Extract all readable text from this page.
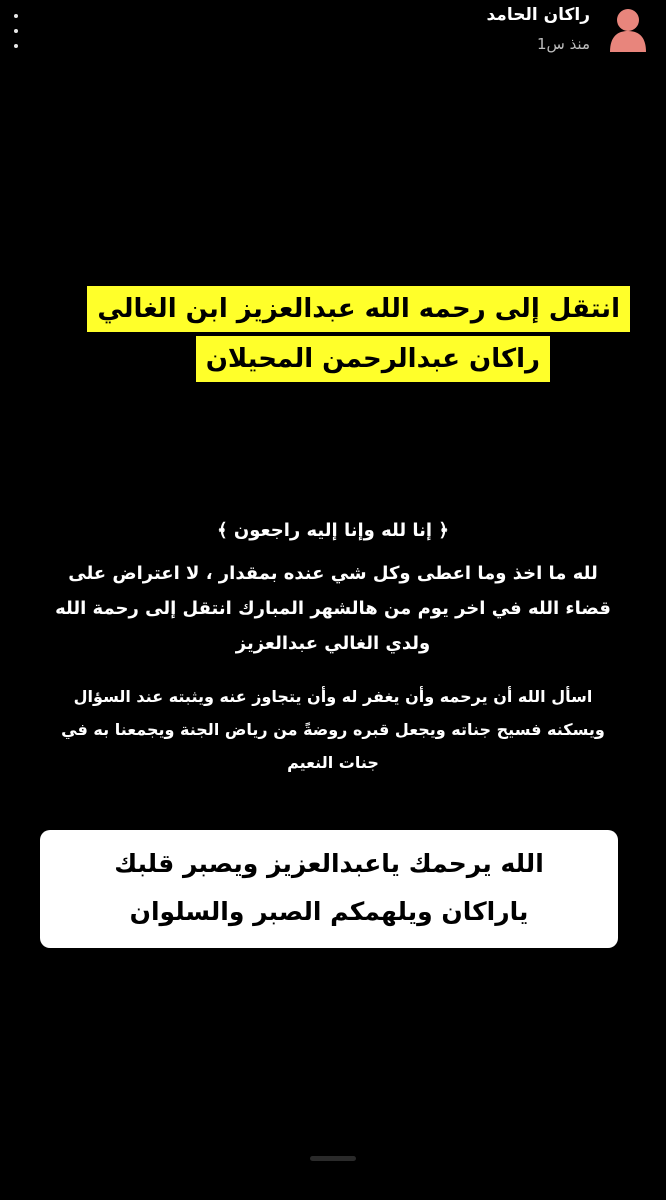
راكان الحامد
منذ س1
انتقل إلى رحمه الله عبدالعزيز ابن الغالي
راكان عبدالرحمن المحيلان
﴿ إنا لله وإنا إليه راجعون ﴾
لله ما اخذ وما اعطى وكل شي عنده بمقدار ، لا اعتراض على
قضاء الله في اخر يوم من هالشهر المبارك انتقل إلى رحمة الله
ولدي الغالي عبدالعزيز
اسأل الله أن يرحمه وأن يغفر له وأن يتجاوز عنه ويثبته عند السؤال
ويسكنه فسيح جناته ويجعل قبره روضةً من رياض الجنة ويجمعنا به في
جنات النعيم
الله يرحمك ياعبدالعزيز ويصبر قلبك
ياراكان ويلهمكم الصبر والسلوان
